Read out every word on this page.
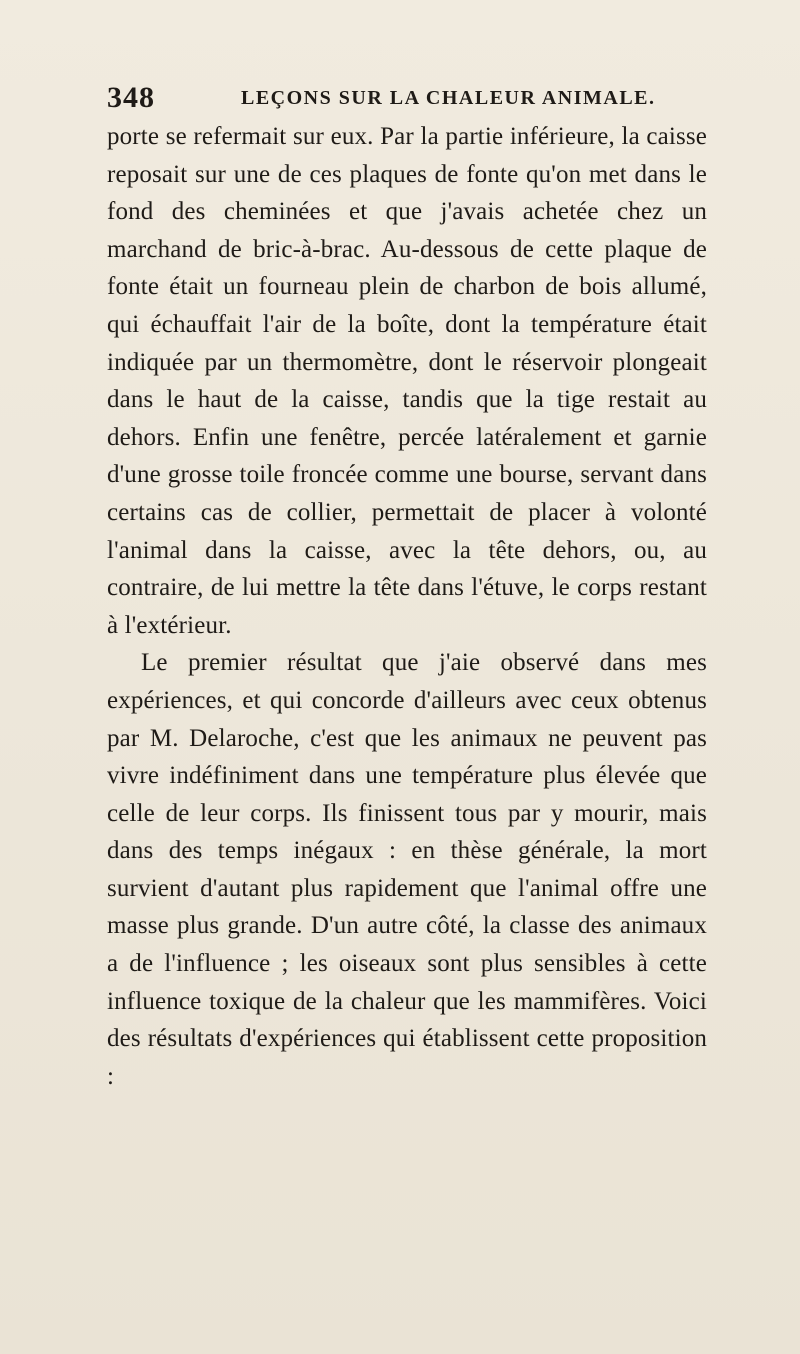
348	LEÇONS SUR LA CHALEUR ANIMALE.

porte se refermait sur eux. Par la partie inférieure, la caisse reposait sur une de ces plaques de fonte qu'on met dans le fond des cheminées et que j'avais achetée chez un marchand de bric-à-brac. Au-dessous de cette plaque de fonte était un fourneau plein de charbon de bois allumé, qui échauffait l'air de la boîte, dont la température était indiquée par un thermomètre, dont le réservoir plongeait dans le haut de la caisse, tandis que la tige restait au dehors. Enfin une fenêtre, percée latéralement et garnie d'une grosse toile froncée comme une bourse, servant dans certains cas de collier, permettait de placer à volonté l'animal dans la caisse, avec la tête dehors, ou, au contraire, de lui mettre la tête dans l'étuve, le corps restant à l'extérieur.

Le premier résultat que j'aie observé dans mes expériences, et qui concorde d'ailleurs avec ceux obtenus par M. Delaroche, c'est que les animaux ne peuvent pas vivre indéfiniment dans une température plus élevée que celle de leur corps. Ils finissent tous par y mourir, mais dans des temps inégaux : en thèse générale, la mort survient d'autant plus rapidement que l'animal offre une masse plus grande. D'un autre côté, la classe des animaux a de l'influence ; les oiseaux sont plus sensibles à cette influence toxique de la chaleur que les mammifères. Voici des résultats d'expériences qui établissent cette proposition :
